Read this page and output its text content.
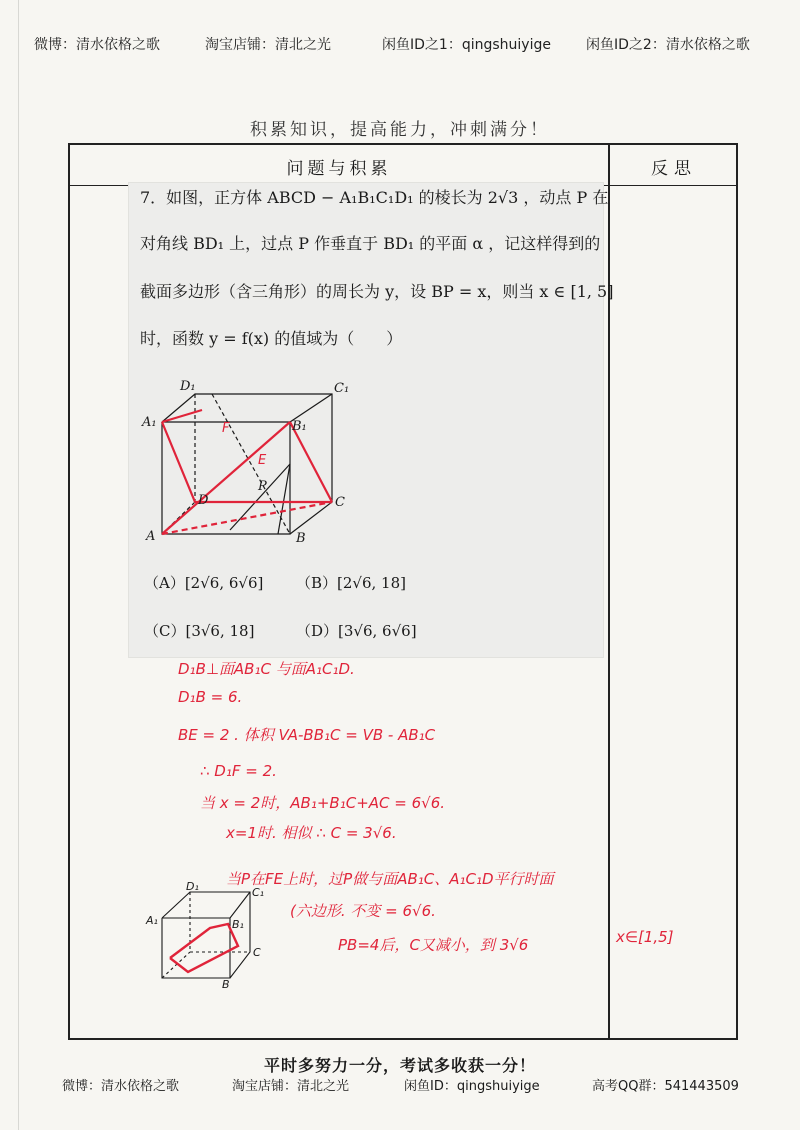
微博：清水依格之歌	淘宝店铺：清北之光	闲鱼ID之1：qingshuiyige	闲鱼ID之2：清水依格之歌
积累知识，提高能力，冲刺满分！
问题与积累	反思
7．如图，正方体 ABCD − A₁B₁C₁D₁ 的棱长为 2√3 ，动点 P 在
对角线 BD₁ 上，过点 P 作垂直于 BD₁ 的平面 α ，记这样得到的
截面多边形（含三角形）的周长为 y，设 BP = x，则当 x ∈ [1, 5]
时，函数 y = f(x) 的值域为（　　）
D₁	C₁
A₁	B₁
D	C
A	B
P
F
E
（A）[2√6, 6√6] （B）[2√6, 18]
（C）[3√6, 18]	（D）[3√6, 6√6]
D₁B⊥面AB₁C 与面A₁C₁D.
D₁B = 6.
BE = 2 . 体积 VA-BB₁C = VB - AB₁C
∴ D₁F = 2.
当 x = 2时，AB₁+B₁C+AC = 6√6.
x=1时. 相似 ∴ C = 3√6.
当P在FE上时，过P做与面AB₁C、A₁C₁D平行时面
(六边形. 不变 = 6√6.
PB=4后，C又减小，到 3√6	x∈[1,5]
D₁	C₁
A₁	B₁
C
B
平时多努力一分，考试多收获一分！
微博：清水依格之歌	淘宝店铺：清北之光	闲鱼ID：qingshuiyige	高考QQ群：541443509
